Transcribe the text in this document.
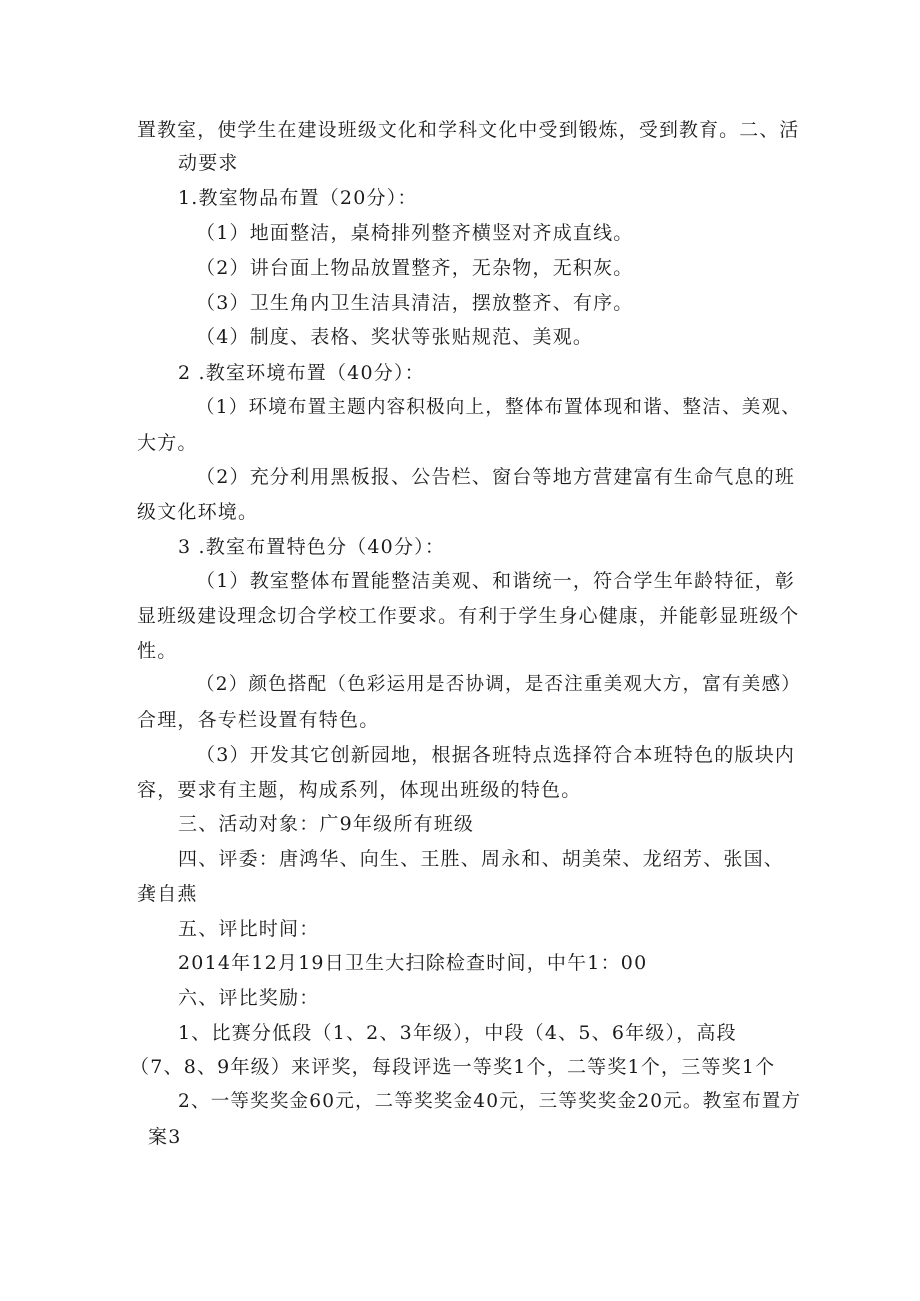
置教室，使学生在建设班级文化和学科文化中受到锻炼，受到教育。二、活
动要求
1.教室物品布置（20分）：
（1）地面整洁，桌椅排列整齐横竖对齐成直线。
（2）讲台面上物品放置整齐，无杂物，无积灰。
（3）卫生角内卫生洁具清洁，摆放整齐、有序。
（4）制度、表格、奖状等张贴规范、美观。
2 .教室环境布置（40分）：
（1）环境布置主题内容积极向上，整体布置体现和谐、整洁、美观、
大方。
（2）充分利用黑板报、公告栏、窗台等地方营建富有生命气息的班
级文化环境。
3 .教室布置特色分（40分）：
（1）教室整体布置能整洁美观、和谐统一，符合学生年龄特征，彰
显班级建设理念切合学校工作要求。有利于学生身心健康，并能彰显班级个
性。
（2）颜色搭配（色彩运用是否协调，是否注重美观大方，富有美感）
合理，各专栏设置有特色。
（3）开发其它创新园地，根据各班特点选择符合本班特色的版块内
容，要求有主题，构成系列，体现出班级的特色。
三、活动对象：广9年级所有班级
四、评委：唐鸿华、向生、王胜、周永和、胡美荣、龙绍芳、张国、
龚自燕
五、评比时间：
2014年12月19日卫生大扫除检查时间，中午1：00
六、评比奖励：
1、比赛分低段（1、2、3年级），中段（4、5、6年级），高段
（7、8、9年级）来评奖，每段评选一等奖1个，二等奖1个，三等奖1个
2、一等奖奖金60元，二等奖奖金40元，三等奖奖金20元。教室布置方
案3
